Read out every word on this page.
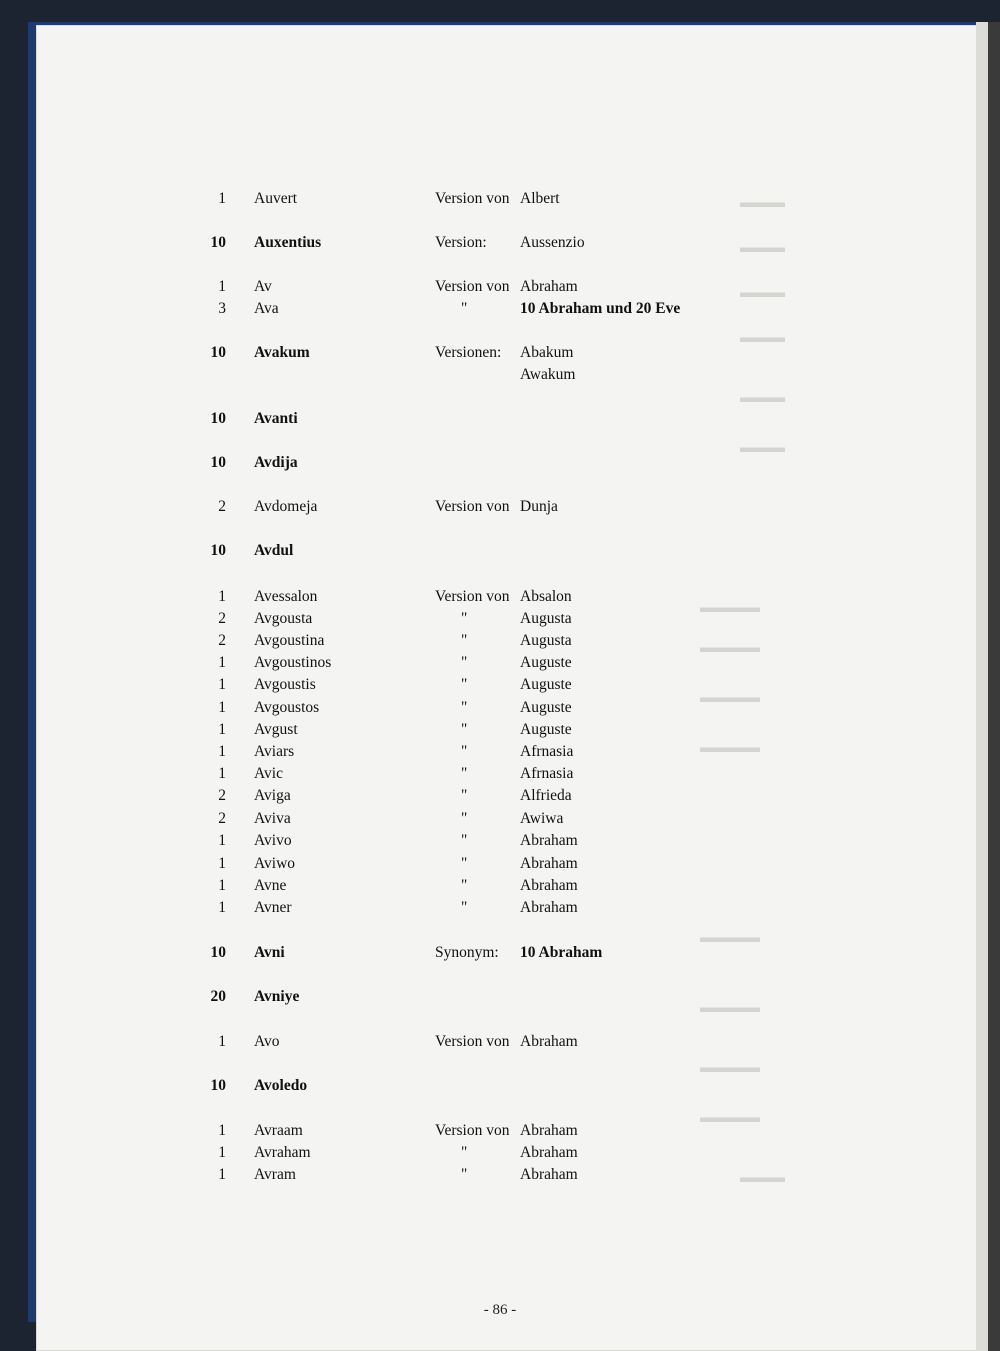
▬▬▬
▬▬▬
▬▬▬
▬▬▬
▬▬▬
▬▬▬
▬▬▬▬
▬▬▬▬
▬▬▬▬
▬▬▬▬
▬▬▬▬
▬▬▬▬
▬▬▬▬
▬▬▬▬
▬▬▬
1 Auvert	Version von Albert
10 Auxentius	Version: Aussenzio
1 Av	Version von Abraham
3 Ava	"	10 Abraham und 20 Eve
10 Avakum	Versionen: Abakum
Awakum
10 Avanti
10 Avdija
2 Avdomeja	Version von Dunja
10 Avdul
1 Avessalon	Version von Absalon
2 Avgousta	"	Augusta
2 Avgoustina	"	Augusta
1 Avgoustinos	"	Auguste
1 Avgoustis	"	Auguste
1 Avgoustos	"	Auguste
1 Avgust	"	Auguste
1 Aviars	"	Afrnasia
1 Avic	"	Afrnasia
2 Aviga	"	Alfrieda
2 Aviva	"	Awiwa
1 Avivo	"	Abraham
1 Aviwo	"	Abraham
1 Avne	"	Abraham
1 Avner	"	Abraham
10 Avni	Synonym: 10 Abraham
20 Avniye
1 Avo	Version von Abraham
10 Avoledo
1 Avraam	Version von Abraham
1 Avraham	"	Abraham
1 Avram	"	Abraham
- 86 -
